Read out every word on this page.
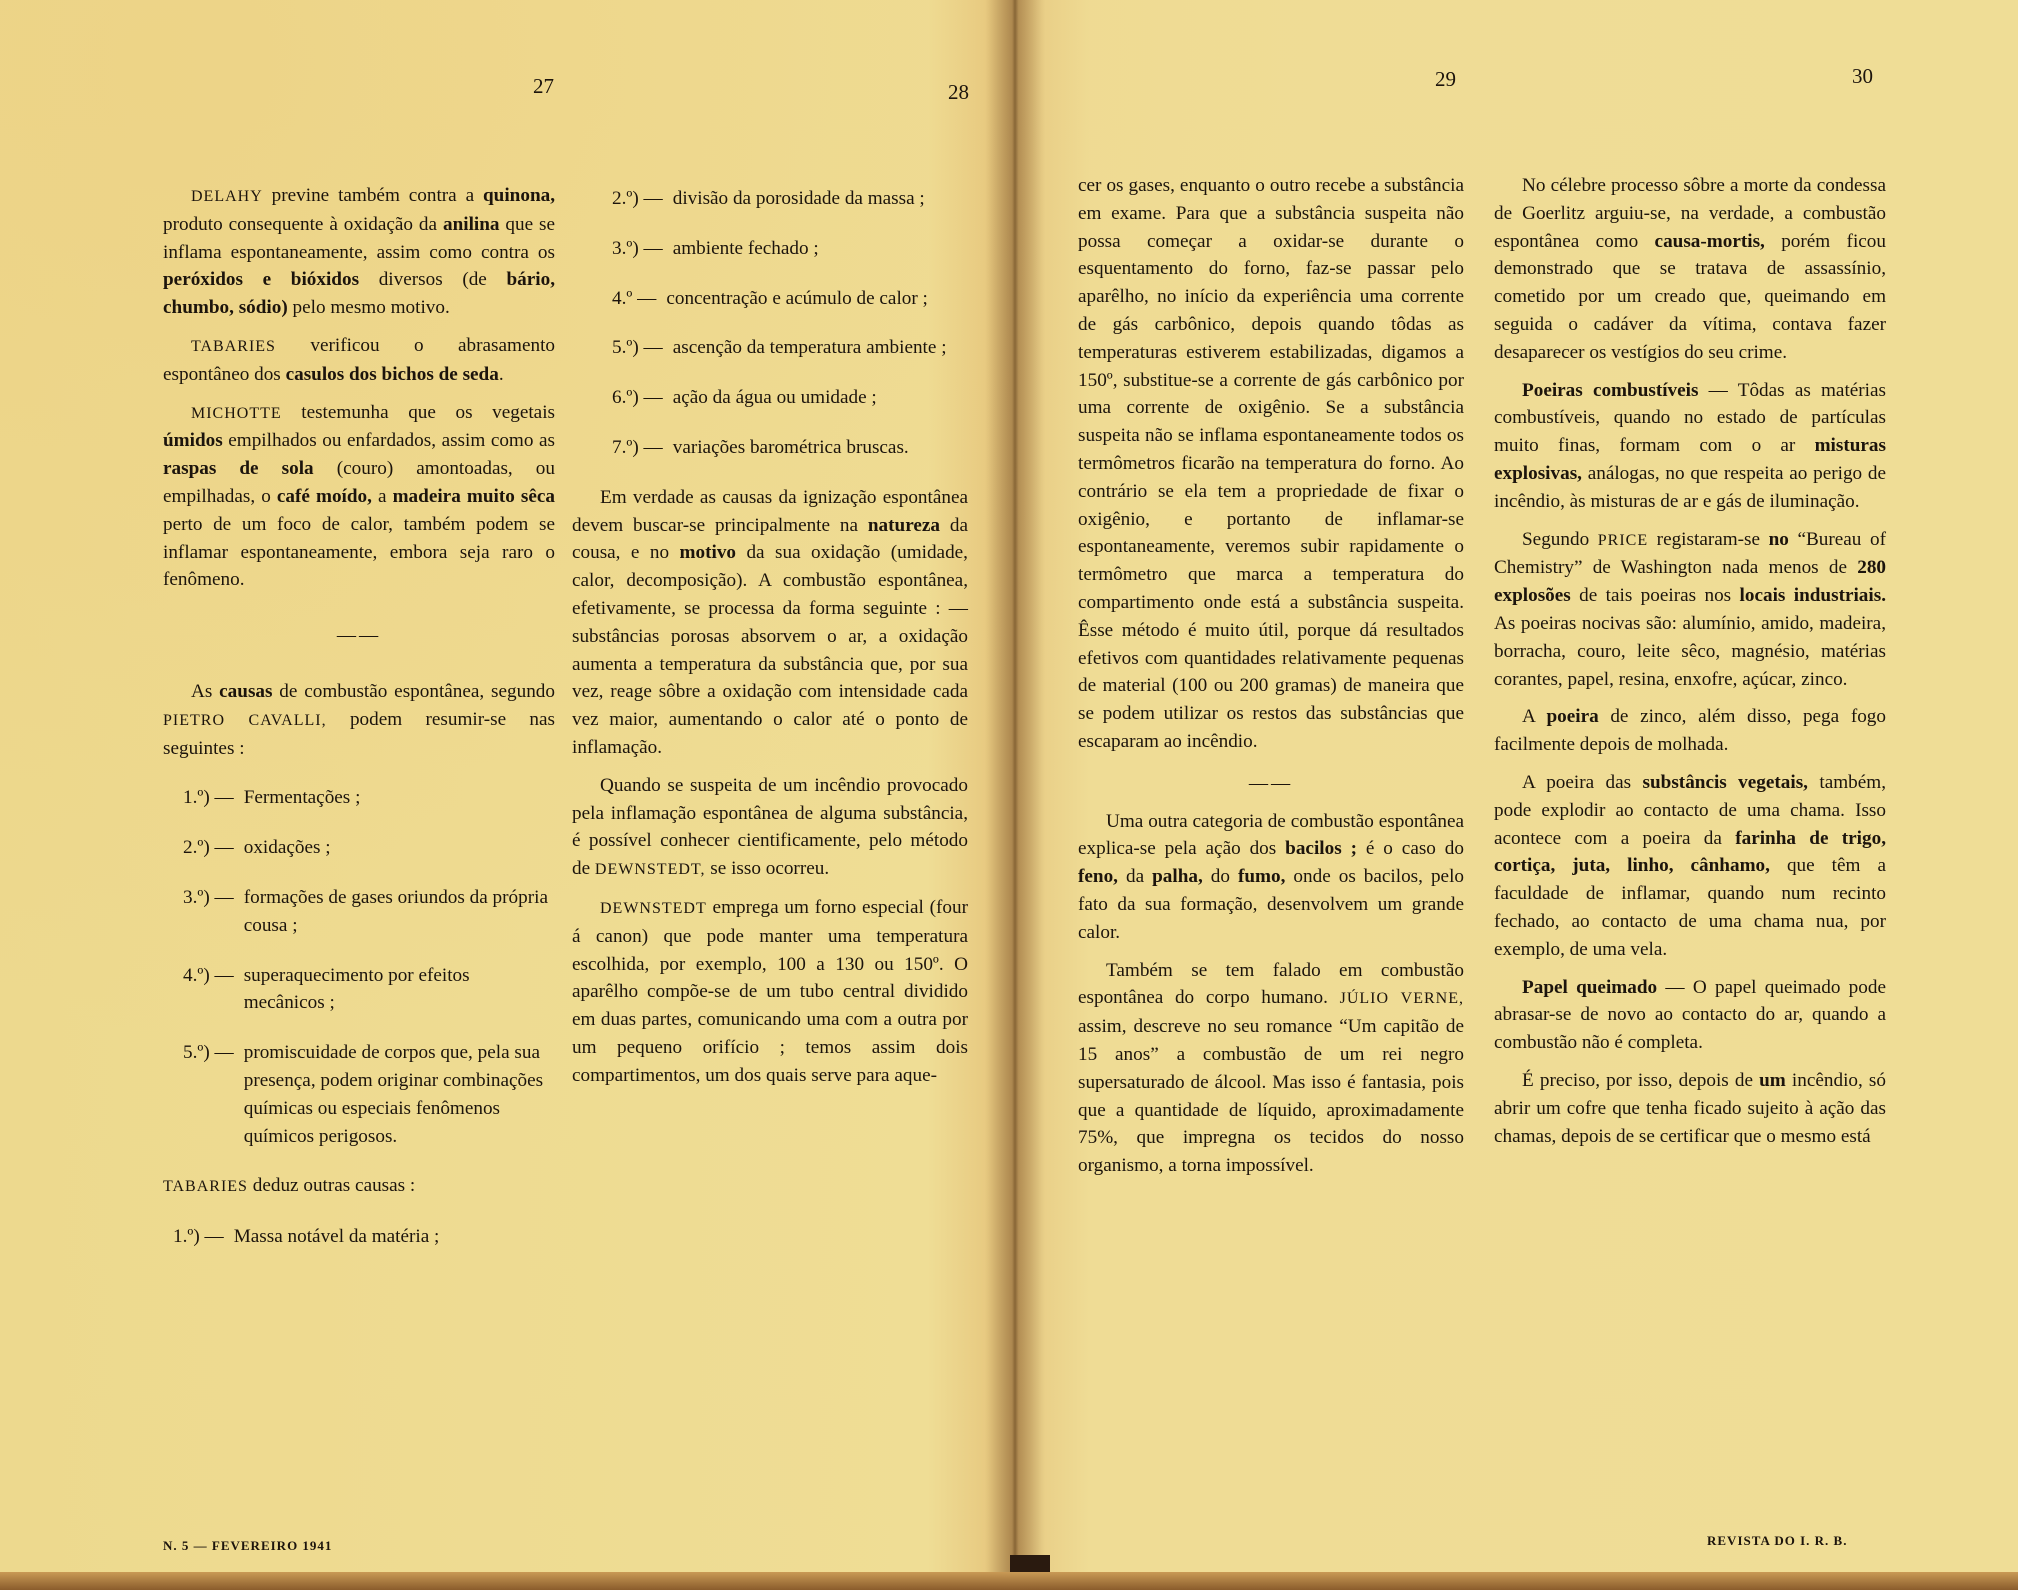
27	28
29	30

DELAHY previne também contra a quinona, produto consequente à oxidação da anilina que se inflama espontaneamente, assim como contra os peróxidos e bióxidos diversos (de bário, chumbo, sódio) pelo mesmo motivo.

TABARIES verificou o abrasamento espontâneo dos casulos dos bichos de seda.

MICHOTTE testemunha que os vegetais úmidos empilhados ou enfardados, assim como as raspas de sola (couro) amontoadas, ou empilhadas, o café moído, a madeira muito sêca perto de um foco de calor, também podem se inflamar espontaneamente, embora seja raro o fenômeno.

——

As causas de combustão espontânea, segundo PIETRO CAVALLI, podem resumir-se nas seguintes :

1.º) — Fermentações ;
2.º) — oxidações ;
3.º) — formações de gases oriundos da própria cousa ;
4.º) — superaquecimento por efeitos mecânicos ;
5.º) — promiscuidade de corpos que, pela sua presença, podem originar combinações químicas ou especiais fenômenos químicos perigosos.

TABARIES deduz outras causas :

1.º) — Massa notável da matéria ;
2.º) — divisão da porosidade da massa ;
3.º) — ambiente fechado ;
4.º — concentração e acúmulo de calor ;
5.º) — ascenção da temperatura ambiente ;
6.º) — ação da água ou umidade ;
7.º) — variações barométrica bruscas.

Em verdade as causas da ignização espontânea devem buscar-se principalmente na natureza da cousa, e no motivo da sua oxidação (umidade, calor, decomposição). A combustão espontânea, efetivamente, se processa da forma seguinte : — substâncias porosas absorvem o ar, a oxidação aumenta a temperatura da substância que, por sua vez, reage sôbre a oxidação com intensidade cada vez maior, aumentando o calor até o ponto de inflamação.

Quando se suspeita de um incêndio provocado pela inflamação espontânea de alguma substância, é possível conhecer cientificamente, pelo método de DEWNSTEDT, se isso ocorreu.

DEWNSTEDT emprega um forno especial (four á canon) que pode manter uma temperatura escolhida, por exemplo, 100 a 130 ou 150º. O aparêlho compõe-se de um tubo central dividido em duas partes, comunicando uma com a outra por um pequeno orifício ; temos assim dois compartimentos, um dos quais serve para aque-

cer os gases, enquanto o outro recebe a substância em exame. Para que a substância suspeita não possa começar a oxidar-se durante o esquentamento do forno, faz-se passar pelo aparêlho, no início da experiência uma corrente de gás carbônico, depois quando tôdas as temperaturas estiverem estabilizadas, digamos a 150º, substitue-se a corrente de gás carbônico por uma corrente de oxigênio. Se a substância suspeita não se inflama espontaneamente todos os termômetros ficarão na temperatura do forno. Ao contrário se ela tem a propriedade de fixar o oxigênio, e portanto de inflamar-se espontaneamente, veremos subir rapidamente o termômetro que marca a temperatura do compartimento onde está a substância suspeita. Êsse método é muito útil, porque dá resultados efetivos com quantidades relativamente pequenas de material (100 ou 200 gramas) de maneira que se podem utilizar os restos das substâncias que escaparam ao incêndio.

——

Uma outra categoria de combustão espontânea explica-se pela ação dos bacilos ; é o caso do feno, da palha, do fumo, onde os bacilos, pelo fato da sua formação, desenvolvem um grande calor.

Também se tem falado em combustão espontânea do corpo humano. JÚLIO VERNE, assim, descreve no seu romance “Um capitão de 15 anos” a combustão de um rei negro supersaturado de álcool. Mas isso é fantasia, pois que a quantidade de líquido, aproximadamente 75%, que impregna os tecidos do nosso organismo, a torna impossível.

No célebre processo sôbre a morte da condessa de Goerlitz arguiu-se, na verdade, a combustão espontânea como causa-mortis, porém ficou demonstrado que se tratava de assassínio, cometido por um creado que, queimando em seguida o cadáver da vítima, contava fazer desaparecer os vestígios do seu crime.

Poeiras combustíveis — Tôdas as matérias combustíveis, quando no estado de partículas muito finas, formam com o ar misturas explosivas, análogas, no que respeita ao perigo de incêndio, às misturas de ar e gás de iluminação.

Segundo PRICE registaram-se no “Bureau of Chemistry” de Washington nada menos de 280 explosões de tais poeiras nos locais industriais. As poeiras nocivas são: alumínio, amido, madeira, borracha, couro, leite sêco, magnésio, matérias corantes, papel, resina, enxofre, açúcar, zinco.

A poeira de zinco, além disso, pega fogo facilmente depois de molhada.

A poeira das substâncis vegetais, também, pode explodir ao contacto de uma chama. Isso acontece com a poeira da farinha de trigo, cortiça, juta, linho, cânhamo, que têm a faculdade de inflamar, quando num recinto fechado, ao contacto de uma chama nua, por exemplo, de uma vela.

Papel queimado — O papel queimado pode abrasar-se de novo ao contacto do ar, quando a combustão não é completa.

É preciso, por isso, depois de um incêndio, só abrir um cofre que tenha ficado sujeito à ação das chamas, depois de se certificar que o mesmo está

N. 5 — FEVEREIRO 1941	REVISTA DO I. R. B.
